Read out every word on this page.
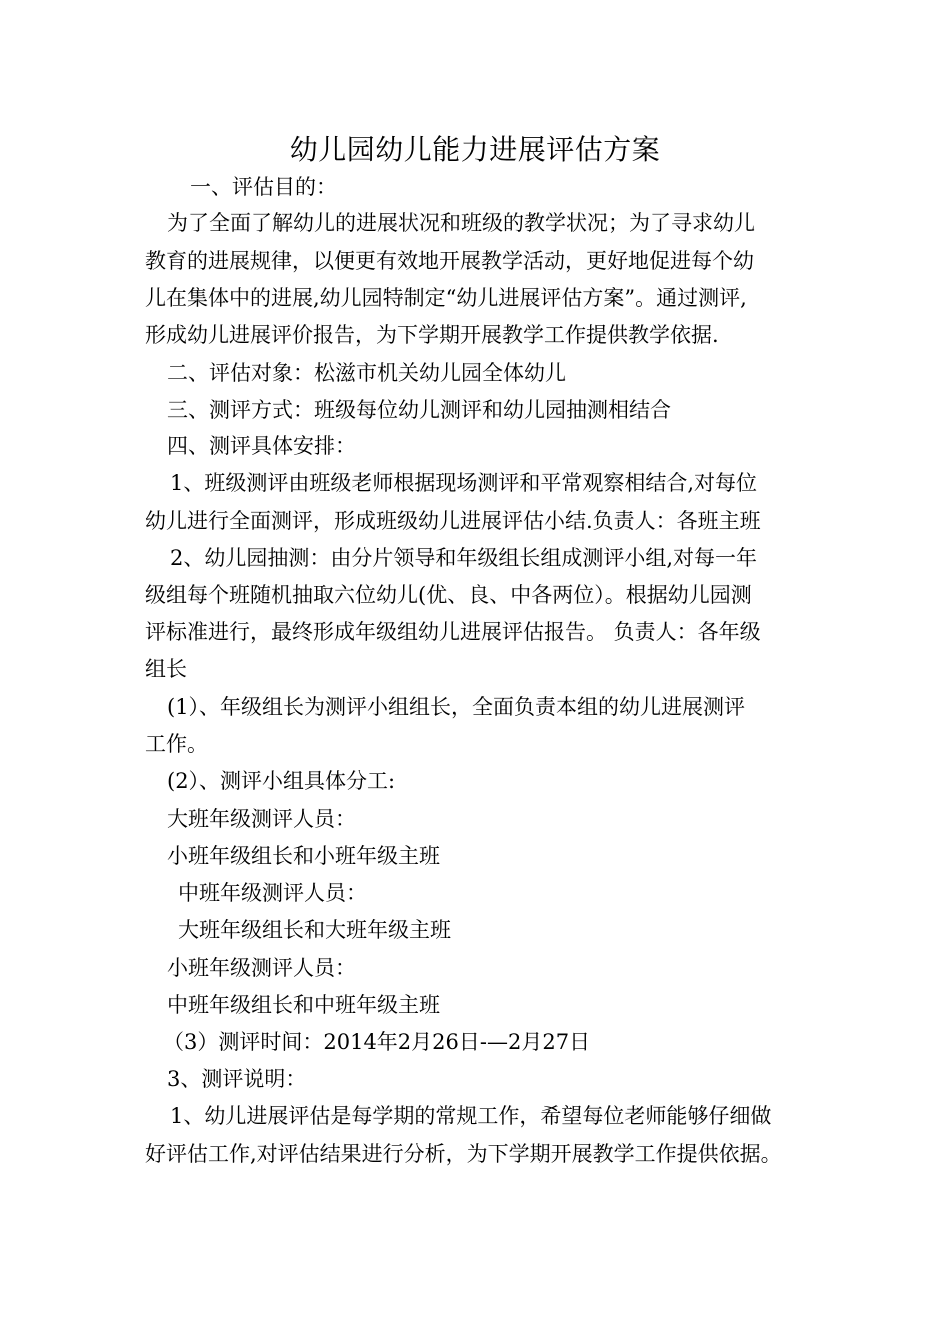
幼儿园幼儿能力进展评估方案
一、评估目的：
为了全面了解幼儿的进展状况和班级的教学状况；为了寻求幼儿
教育的进展规律，以便更有效地开展教学活动，更好地促进每个幼
儿在集体中的进展,幼儿园特制定“幼儿进展评估方案”。通过测评,
形成幼儿进展评价报告，为下学期开展教学工作提供教学依据.
二、评估对象：松滋市机关幼儿园全体幼儿
三、测评方式：班级每位幼儿测评和幼儿园抽测相结合
四、测评具体安排：
1、班级测评由班级老师根据现场测评和平常观察相结合,对每位
幼儿进行全面测评，形成班级幼儿进展评估小结.负责人：各班主班
2、幼儿园抽测：由分片领导和年级组长组成测评小组,对每一年
级组每个班随机抽取六位幼儿(优、良、中各两位）。根据幼儿园测
评标准进行，最终形成年级组幼儿进展评估报告。 负责人：各年级
组长
(1）、年级组长为测评小组组长，全面负责本组的幼儿进展测评
工作。
(2）、测评小组具体分工:
大班年级测评人员：
小班年级组长和小班年级主班
中班年级测评人员：
大班年级组长和大班年级主班
小班年级测评人员：
中班年级组长和中班年级主班
（3）测评时间：2014年2月26日-—2月27日
3、测评说明：
1、幼儿进展评估是每学期的常规工作，希望每位老师能够仔细做
好评估工作,对评估结果进行分析，为下学期开展教学工作提供依据。
